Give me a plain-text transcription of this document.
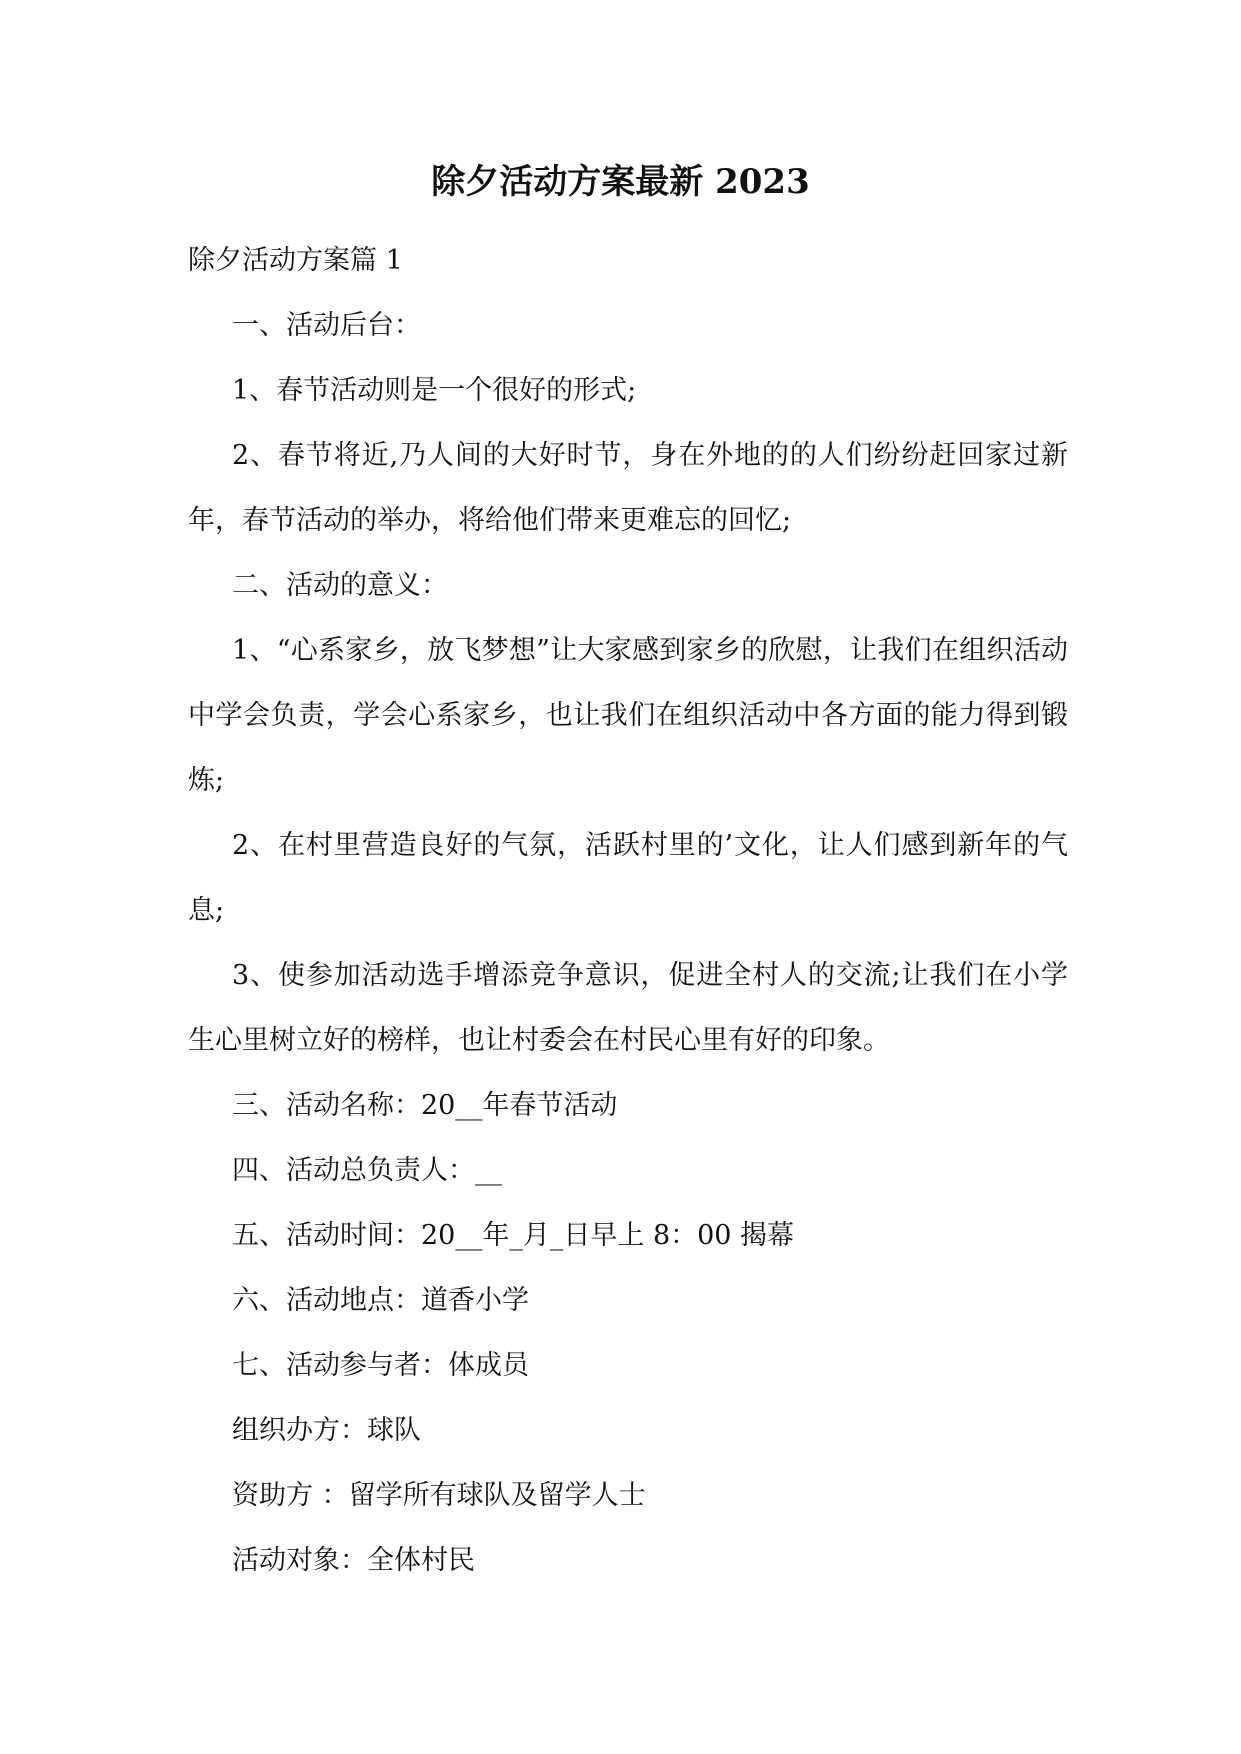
除夕活动方案最新 2023

除夕活动方案篇 1

一、活动后台：

1、春节活动则是一个很好的形式;

2、春节将近,乃人间的大好时节，身在外地的的人们纷纷赶回家过新年，春节活动的举办，将给他们带来更难忘的回忆;

二、活动的意义：

1、“心系家乡，放飞梦想”让大家感到家乡的欣慰，让我们在组织活动中学会负责，学会心系家乡，也让我们在组织活动中各方面的能力得到锻炼;

2、在村里营造良好的气氛，活跃村里的’文化，让人们感到新年的气息;

3、使参加活动选手增添竞争意识，促进全村人的交流;让我们在小学生心里树立好的榜样，也让村委会在村民心里有好的印象。

三、活动名称：20__年春节活动

四、活动总负责人：__

五、活动时间：20__年_月_日早上 8：00 揭幕

六、活动地点：道香小学

七、活动参与者：体成员

组织办方：球队

资助方 ：留学所有球队及留学人士

活动对象：全体村民
